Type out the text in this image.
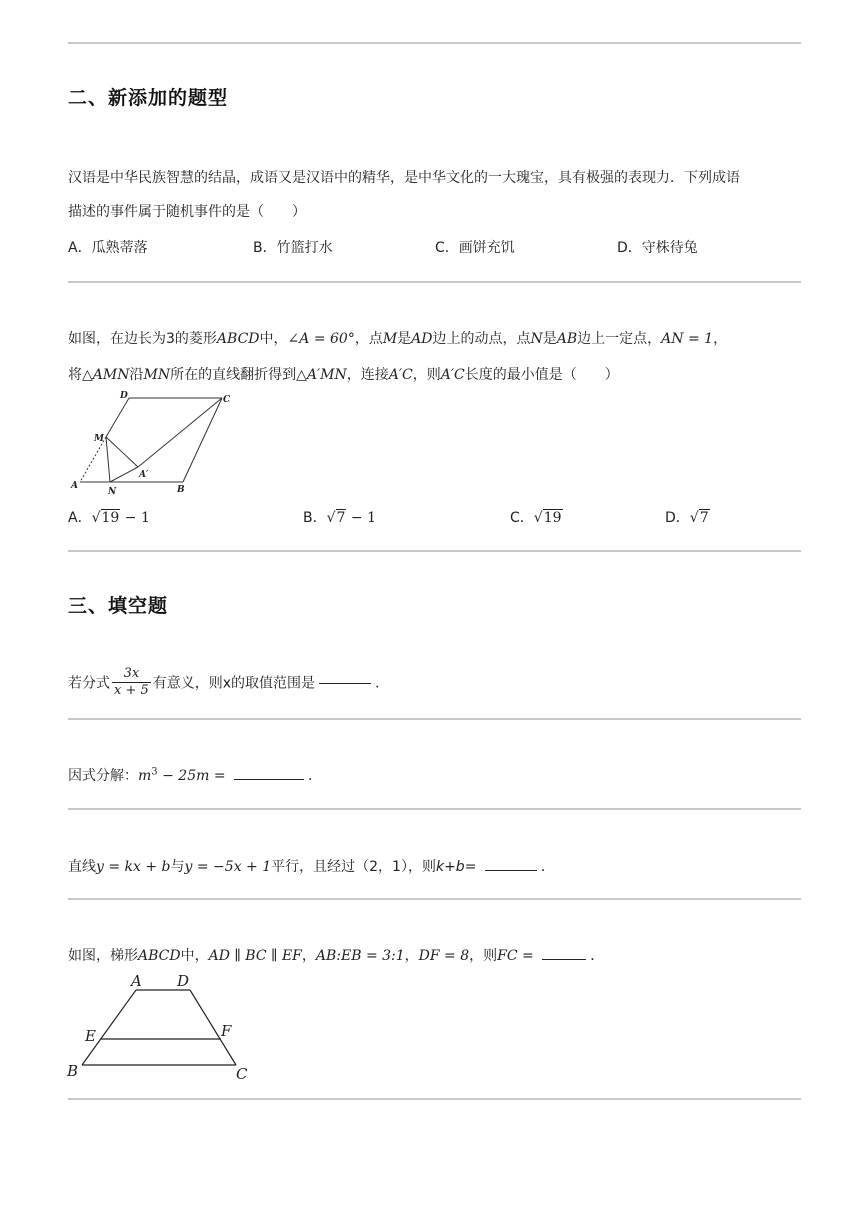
二、新添加的题型
汉语是中华民族智慧的结晶，成语又是汉语中的精华，是中华文化的一大瑰宝，具有极强的表现力．下列成语
描述的事件属于随机事件的是（　　）
A．瓜熟蒂落	B．竹篮打水	C．画饼充饥	D．守株待兔
如图，在边长为3的菱形ABCD中，∠A = 60°，点M是AD边上的动点，点N是AB边上一定点，AN = 1，
将△AMN沿MN所在的直线翻折得到△A′MN，连接A′C，则A′C长度的最小值是（　　）
D	C
M
A′
A
N	B
A．√19 − 1	B．√7 − 1	C．√19	D．√7
三、填空题
若分式 $\frac{3x}{x + 5}$ 有意义，则x的取值范围是	．
因式分解：$m^3 - 25m$ =	．
直线y = kx + b与y = −5x + 1平行，且经过（2，1），则k+b=	．
如图，梯形ABCD中，AD ∥ BC ∥ EF，AB:EB = 3:1，DF = 8，则FC =	．
A D
E	F
B	C
